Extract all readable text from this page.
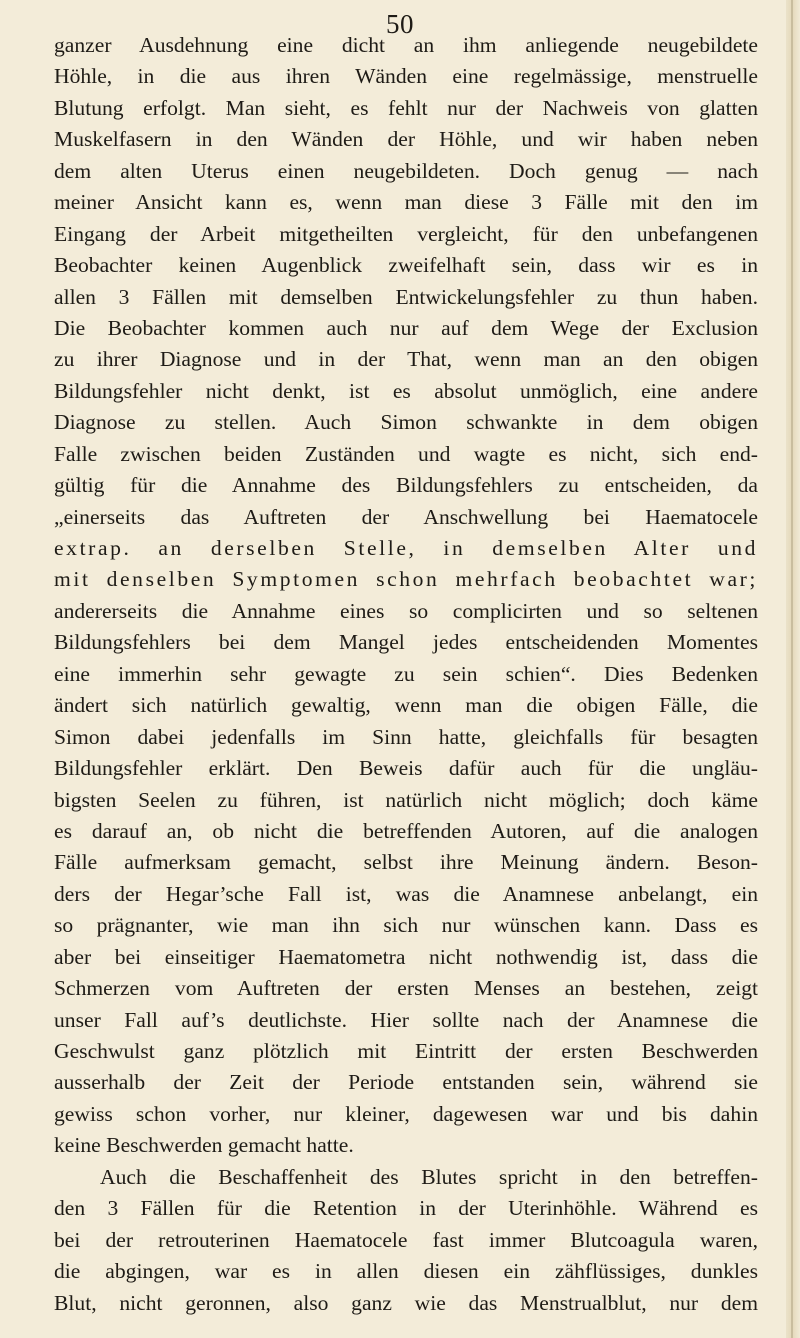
50
ganzer Ausdehnung eine dicht an ihm anliegende neugebildete
Höhle, in die aus ihren Wänden eine regelmässige, menstruelle
Blutung erfolgt. Man sieht, es fehlt nur der Nachweis von glatten
Muskelfasern in den Wänden der Höhle, und wir haben neben
dem alten Uterus einen neugebildeten. Doch genug — nach
meiner Ansicht kann es, wenn man diese 3 Fälle mit den im
Eingang der Arbeit mitgetheilten vergleicht, für den unbefangenen
Beobachter keinen Augenblick zweifelhaft sein, dass wir es in
allen 3 Fällen mit demselben Entwickelungsfehler zu thun haben.
Die Beobachter kommen auch nur auf dem Wege der Exclusion
zu ihrer Diagnose und in der That, wenn man an den obigen
Bildungsfehler nicht denkt, ist es absolut unmöglich, eine andere
Diagnose zu stellen. Auch Simon schwankte in dem obigen
Falle zwischen beiden Zuständen und wagte es nicht, sich end-
gültig für die Annahme des Bildungsfehlers zu entscheiden, da
„einerseits das Auftreten der Anschwellung bei Haematocele
extrap. an derselben Stelle, in demselben Alter und
mit denselben Symptomen schon mehrfach beobachtet war;
andererseits die Annahme eines so complicirten und so seltenen
Bildungsfehlers bei dem Mangel jedes entscheidenden Momentes
eine immerhin sehr gewagte zu sein schien“. Dies Bedenken
ändert sich natürlich gewaltig, wenn man die obigen Fälle, die
Simon dabei jedenfalls im Sinn hatte, gleichfalls für besagten
Bildungsfehler erklärt. Den Beweis dafür auch für die ungläu-
bigsten Seelen zu führen, ist natürlich nicht möglich; doch käme
es darauf an, ob nicht die betreffenden Autoren, auf die analogen
Fälle aufmerksam gemacht, selbst ihre Meinung ändern. Beson-
ders der Hegar’sche Fall ist, was die Anamnese anbelangt, ein
so prägnanter, wie man ihn sich nur wünschen kann. Dass es
aber bei einseitiger Haematometra nicht nothwendig ist, dass die
Schmerzen vom Auftreten der ersten Menses an bestehen, zeigt
unser Fall auf’s deutlichste. Hier sollte nach der Anamnese die
Geschwulst ganz plötzlich mit Eintritt der ersten Beschwerden
ausserhalb der Zeit der Periode entstanden sein, während sie
gewiss schon vorher, nur kleiner, dagewesen war und bis dahin
keine Beschwerden gemacht hatte.
Auch die Beschaffenheit des Blutes spricht in den betreffen-
den 3 Fällen für die Retention in der Uterinhöhle. Während es
bei der retrouterinen Haematocele fast immer Blutcoagula waren,
die abgingen, war es in allen diesen ein zähflüssiges, dunkles
Blut, nicht geronnen, also ganz wie das Menstrualblut, nur dem
